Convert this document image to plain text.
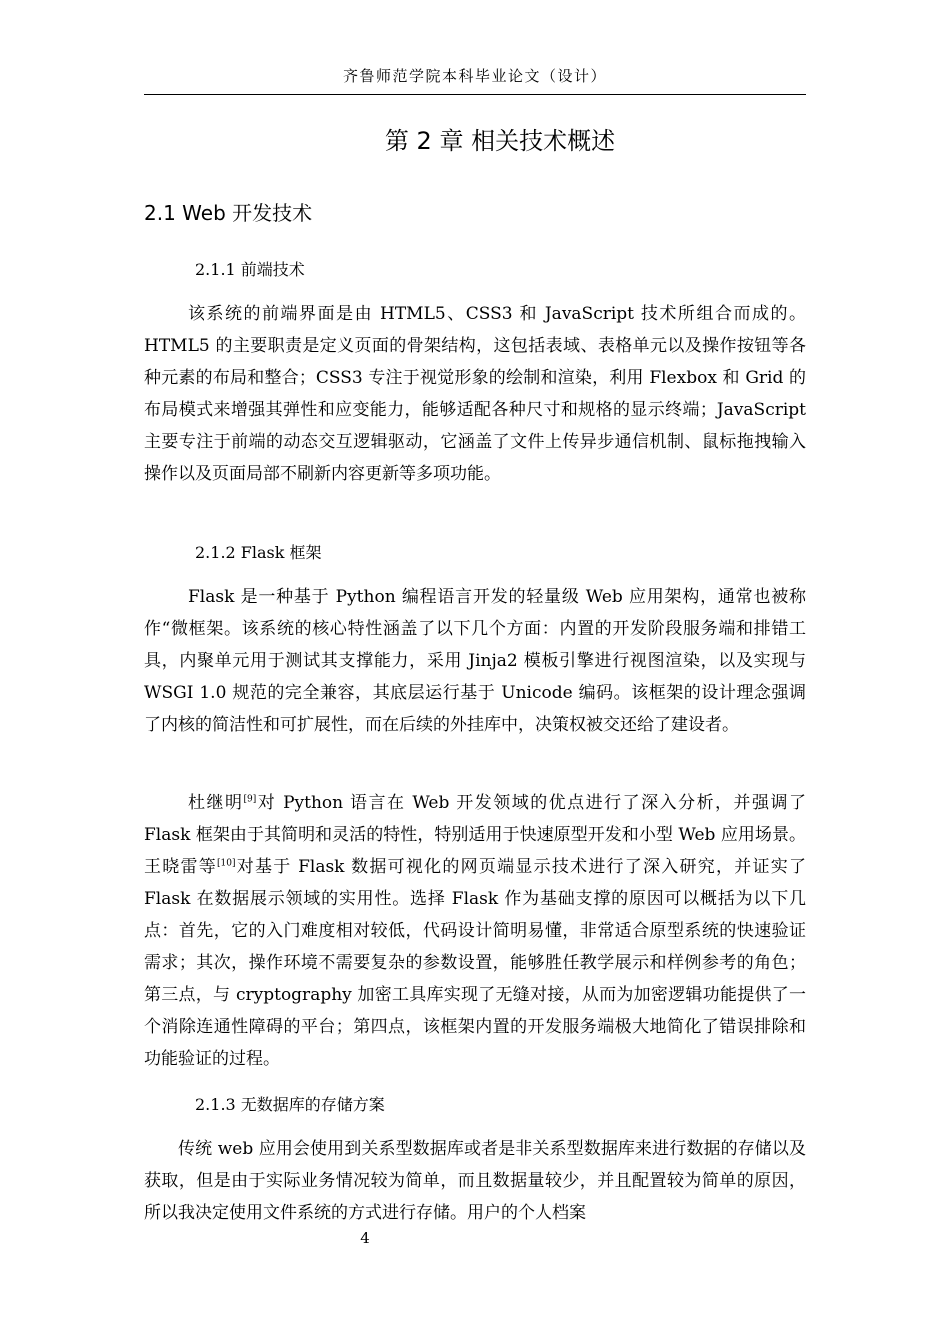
齐鲁师范学院本科毕业论文（设计）
第 2 章 相关技术概述
2.1 Web 开发技术
2.1.1 前端技术

该系统的前端界面是由 HTML5、CSS3 和 JavaScript 技术所组合而成的。HTML5 的主要职责是定义页面的骨架结构，这包括表域、表格单元以及操作按钮等各种元素的布局和整合；CSS3 专注于视觉形象的绘制和渲染，利用 Flexbox 和 Grid 的布局模式来增强其弹性和应变能力，能够适配各种尺寸和规格的显示终端；JavaScript 主要专注于前端的动态交互逻辑驱动，它涵盖了文件上传异步通信机制、鼠标拖拽输入操作以及页面局部不刷新内容更新等多项功能。

2.1.2 Flask 框架

Flask 是一种基于 Python 编程语言开发的轻量级 Web 应用架构，通常也被称作“微框架。该系统的核心特性涵盖了以下几个方面：内置的开发阶段服务端和排错工具，内聚单元用于测试其支撑能力，采用 Jinja2 模板引擎进行视图渲染，以及实现与 WSGI 1.0 规范的完全兼容，其底层运行基于 Unicode 编码。该框架的设计理念强调了内核的简洁性和可扩展性，而在后续的外挂库中，决策权被交还给了建设者。

杜继明[9]对 Python 语言在 Web 开发领域的优点进行了深入分析，并强调了 Flask 框架由于其简明和灵活的特性，特别适用于快速原型开发和小型 Web 应用场景。王晓雷等[10]对基于 Flask 数据可视化的网页端显示技术进行了深入研究，并证实了 Flask 在数据展示领域的实用性。选择 Flask 作为基础支撑的原因可以概括为以下几点：首先，它的入门难度相对较低，代码设计简明易懂，非常适合原型系统的快速验证需求；其次，操作环境不需要复杂的参数设置，能够胜任教学展示和样例参考的角色；第三点，与 cryptography 加密工具库实现了无缝对接，从而为加密逻辑功能提供了一个消除连通性障碍的平台；第四点，该框架内置的开发服务端极大地简化了错误排除和功能验证的过程。

2.1.3 无数据库的存储方案

传统 web 应用会使用到关系型数据库或者是非关系型数据库来进行数据的存储以及获取，但是由于实际业务情况较为简单，而且数据量较少，并且配置较为简单的原因，所以我决定使用文件系统的方式进行存储。用户的个人档案

4
